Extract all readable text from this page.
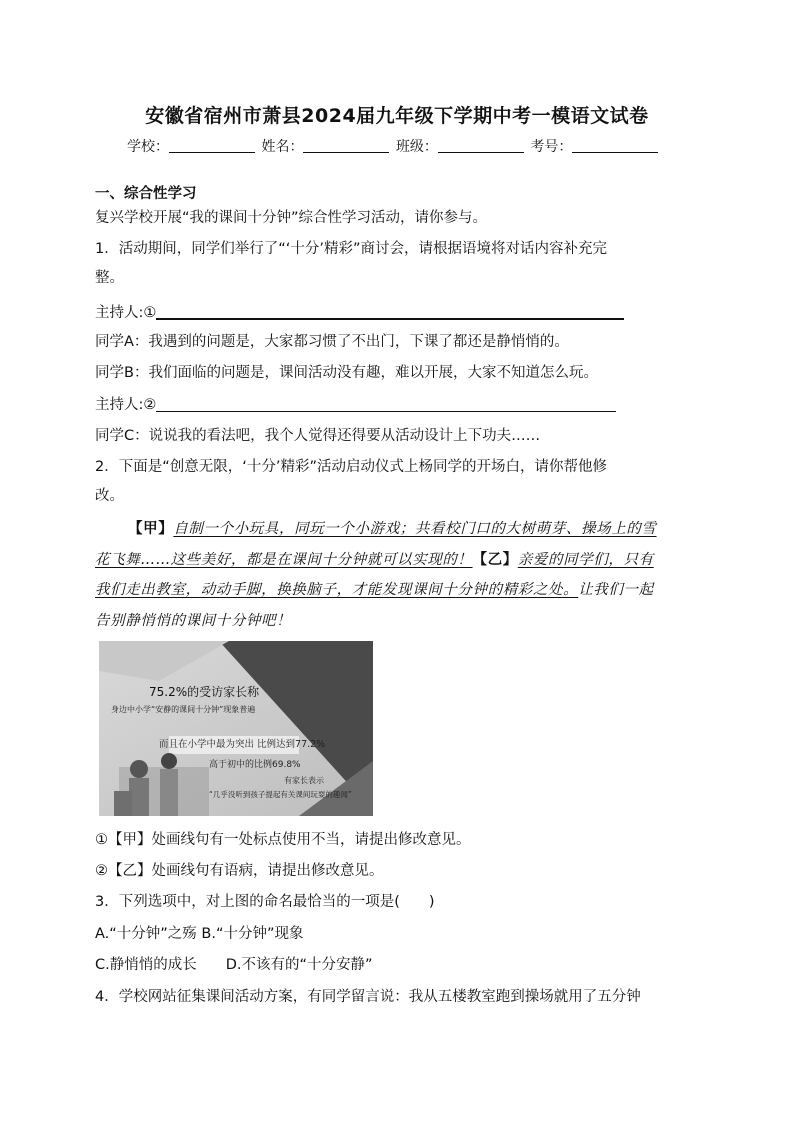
安徽省宿州市萧县2024届九年级下学期中考一模语文试卷
学校：	姓名：	班级：	考号：
一、综合性学习
复兴学校开展“我的课间十分钟”综合性学习活动，请你参与。
1．活动期间，同学们举行了“‘十分’精彩”商讨会，请根据语境将对话内容补充完
整。
主持人:①
同学A：我遇到的问题是，大家都习惯了不出门，下课了都还是静悄悄的。
同学B：我们面临的问题是，课间活动没有趣，难以开展，大家不知道怎么玩。
主持人:②
同学C：说说我的看法吧，我个人觉得还得要从活动设计上下功夫……
2．下面是“创意无限，‘十分’精彩”活动启动仪式上杨同学的开场白，请你帮他修
改。
【甲】自制一个小玩具，同玩一个小游戏；共看校门口的大树萌芽、操场上的雪
花飞舞……这些美好，都是在课间十分钟就可以实现的！【乙】亲爱的同学们，只有
我们走出教室，动动手脚，换换脑子，才能发现课间十分钟的精彩之处。让我们一起
告别静悄悄的课间十分钟吧！
75.2%的受访家长称
身边中小学“安静的课间十分钟”现象普遍
而且在小学中最为突出 比例达到77.2%
高于初中的比例69.8%
有家长表示
“几乎没听到孩子提起有关课间玩耍的趣闻”
①【甲】处画线句有一处标点使用不当，请提出修改意见。
②【乙】处画线句有语病，请提出修改意见。
3．下列选项中，对上图的命名最恰当的一项是(　　)
A.“十分钟”之殇 B.“十分钟”现象
C.静悄悄的成长　　D.不该有的“十分安静”
4．学校网站征集课间活动方案，有同学留言说：我从五楼教室跑到操场就用了五分钟
